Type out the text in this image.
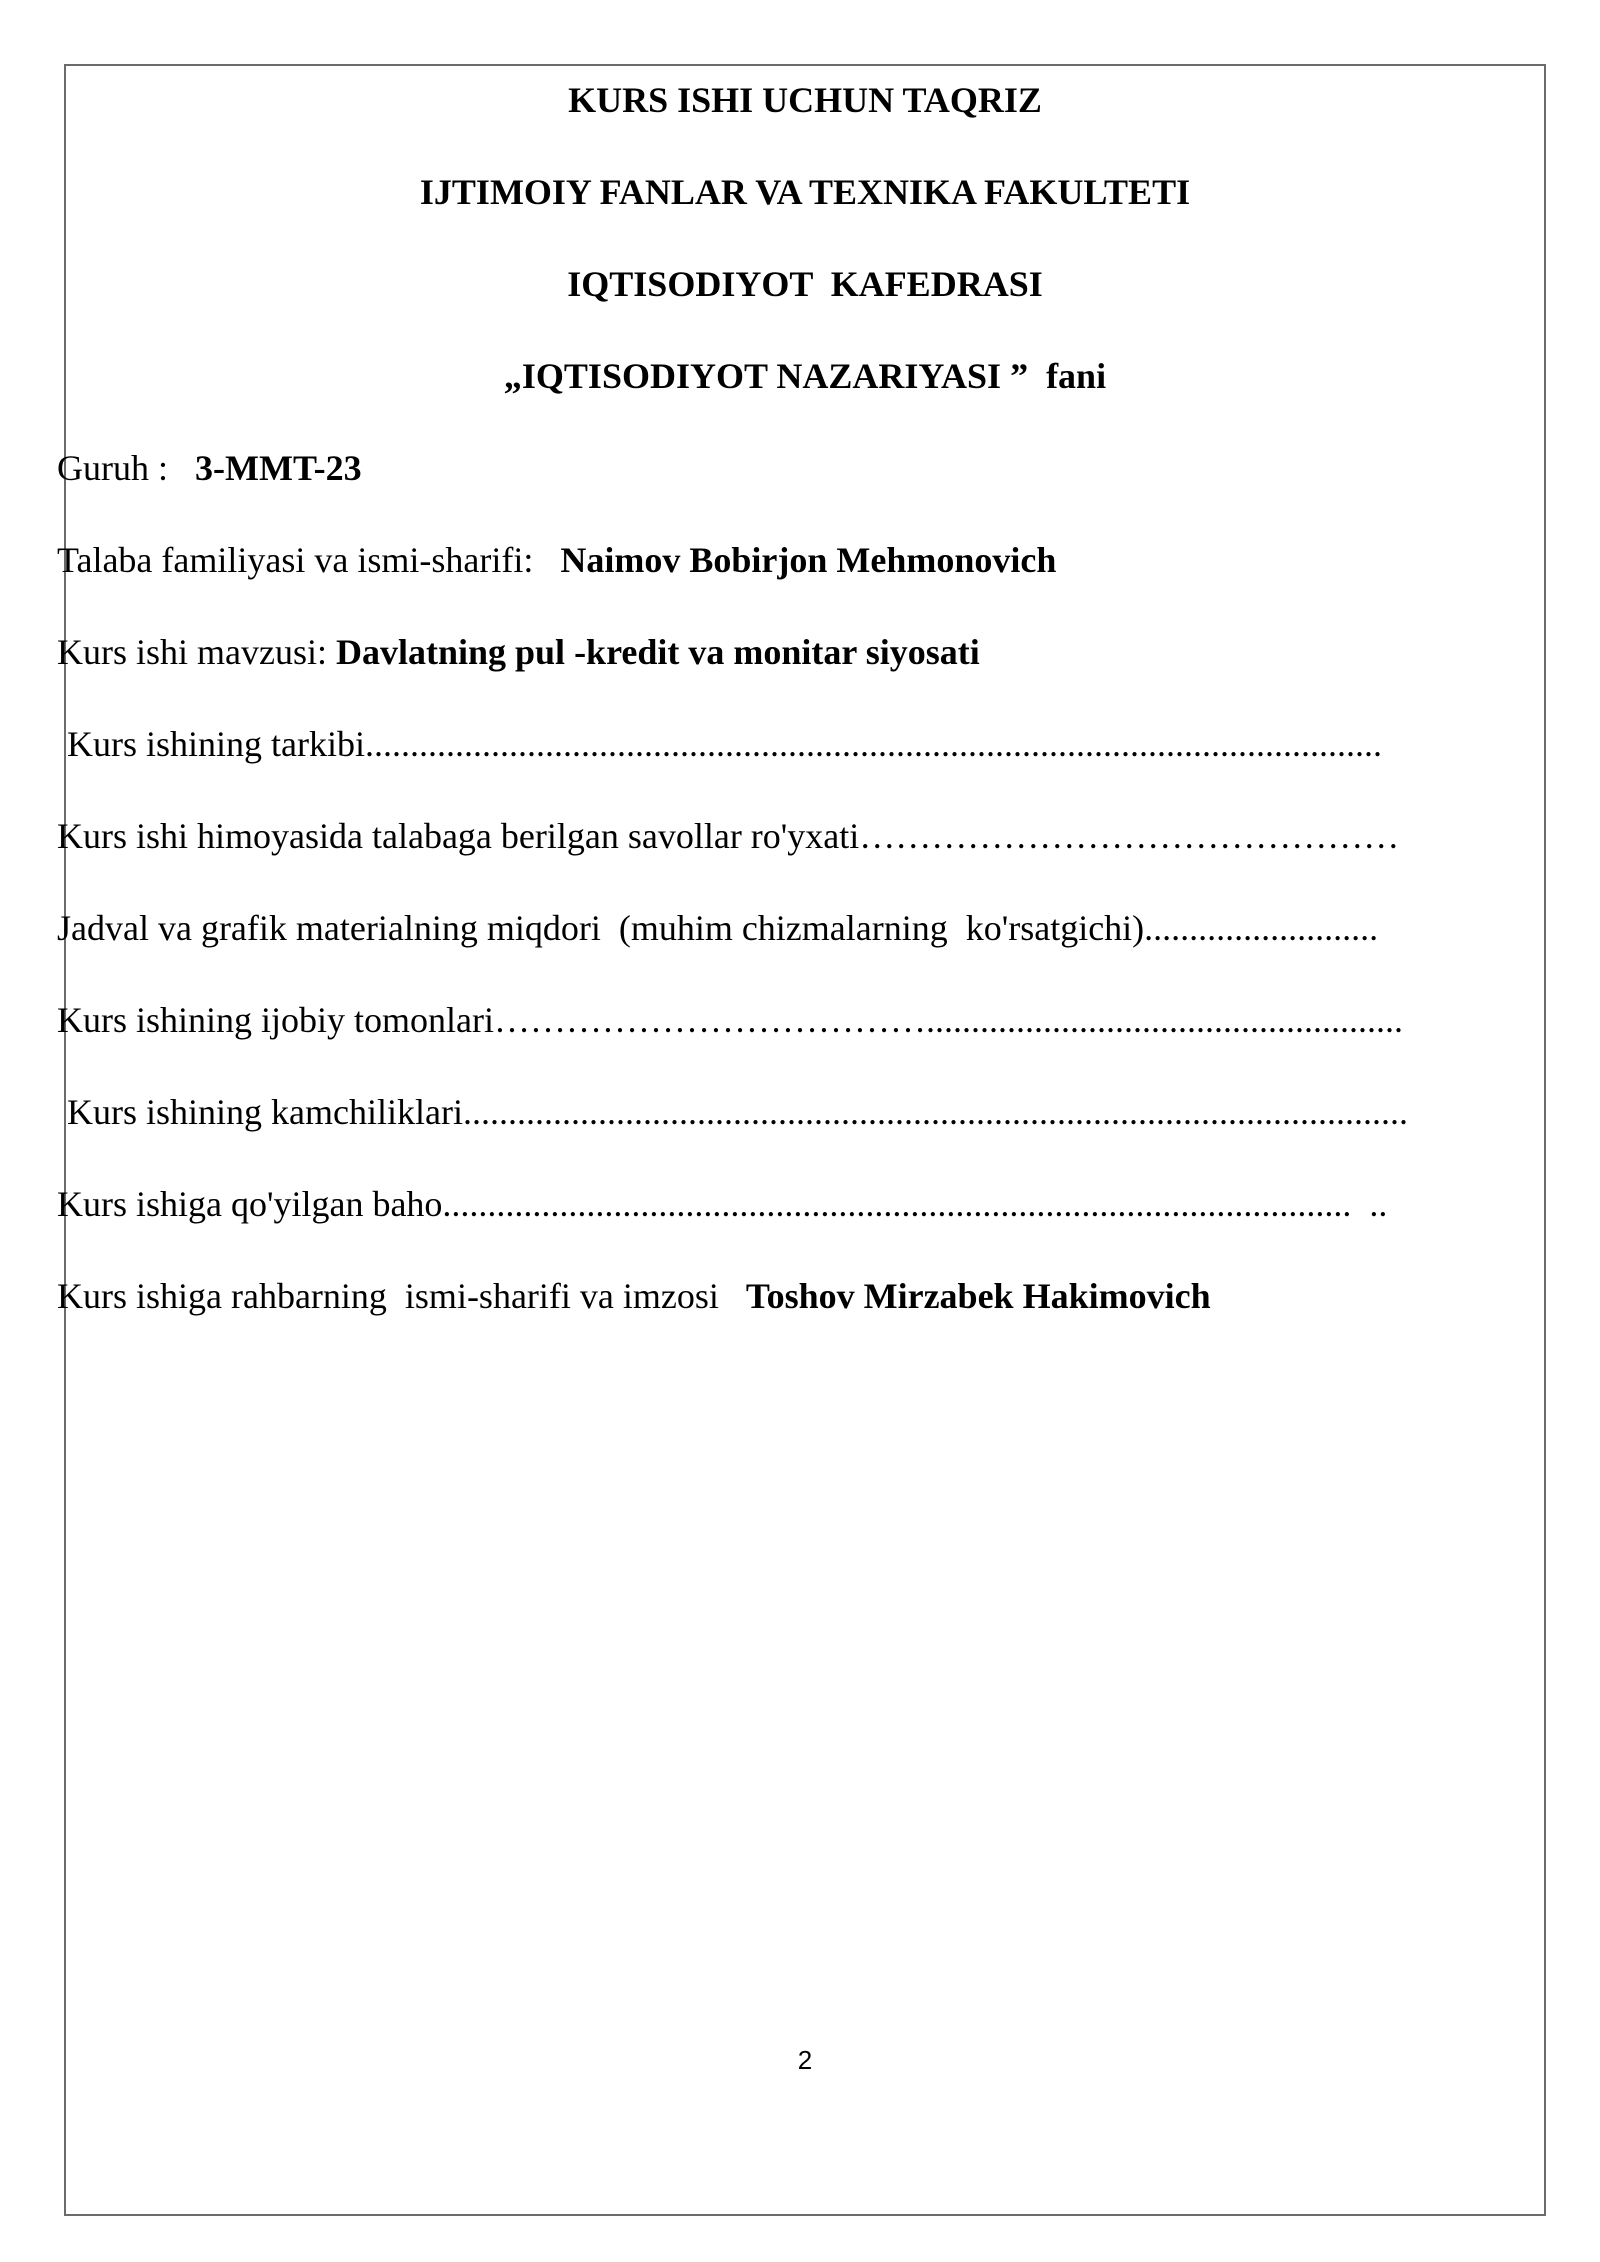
KURS ISHI UCHUN TAQRIZ
IJTIMOIY FANLAR VA TEXNIKA FAKULTETI
IQTISODIYOT  KAFEDRASI
„IQTISODIYOT NAZARIYASI ”  fani
Guruh :   3-MMT-23
Talaba familiyasi va ismi-sharifi:   Naimov Bobirjon Mehmonovich
Kurs ishi mavzusi: Davlatning pul -kredit va monitar siyosati
Kurs ishining tarkibi.................................................................................................................
Kurs ishi himoyasida talabaga berilgan savollar ro'yxati………………………………………
Jadval va grafik materialning miqdori  (muhim chizmalarning  ko'rsatgichi)..........................
Kurs ishining ijobiy tomonlari……………………………….....................................................
Kurs ishining kamchiliklari.........................................................................................................
Kurs ishiga qo'yilgan baho.....................................................................................................  ..
Kurs ishiga rahbarning  ismi-sharifi va imzosi   Toshov Mirzabek Hakimovich
2
